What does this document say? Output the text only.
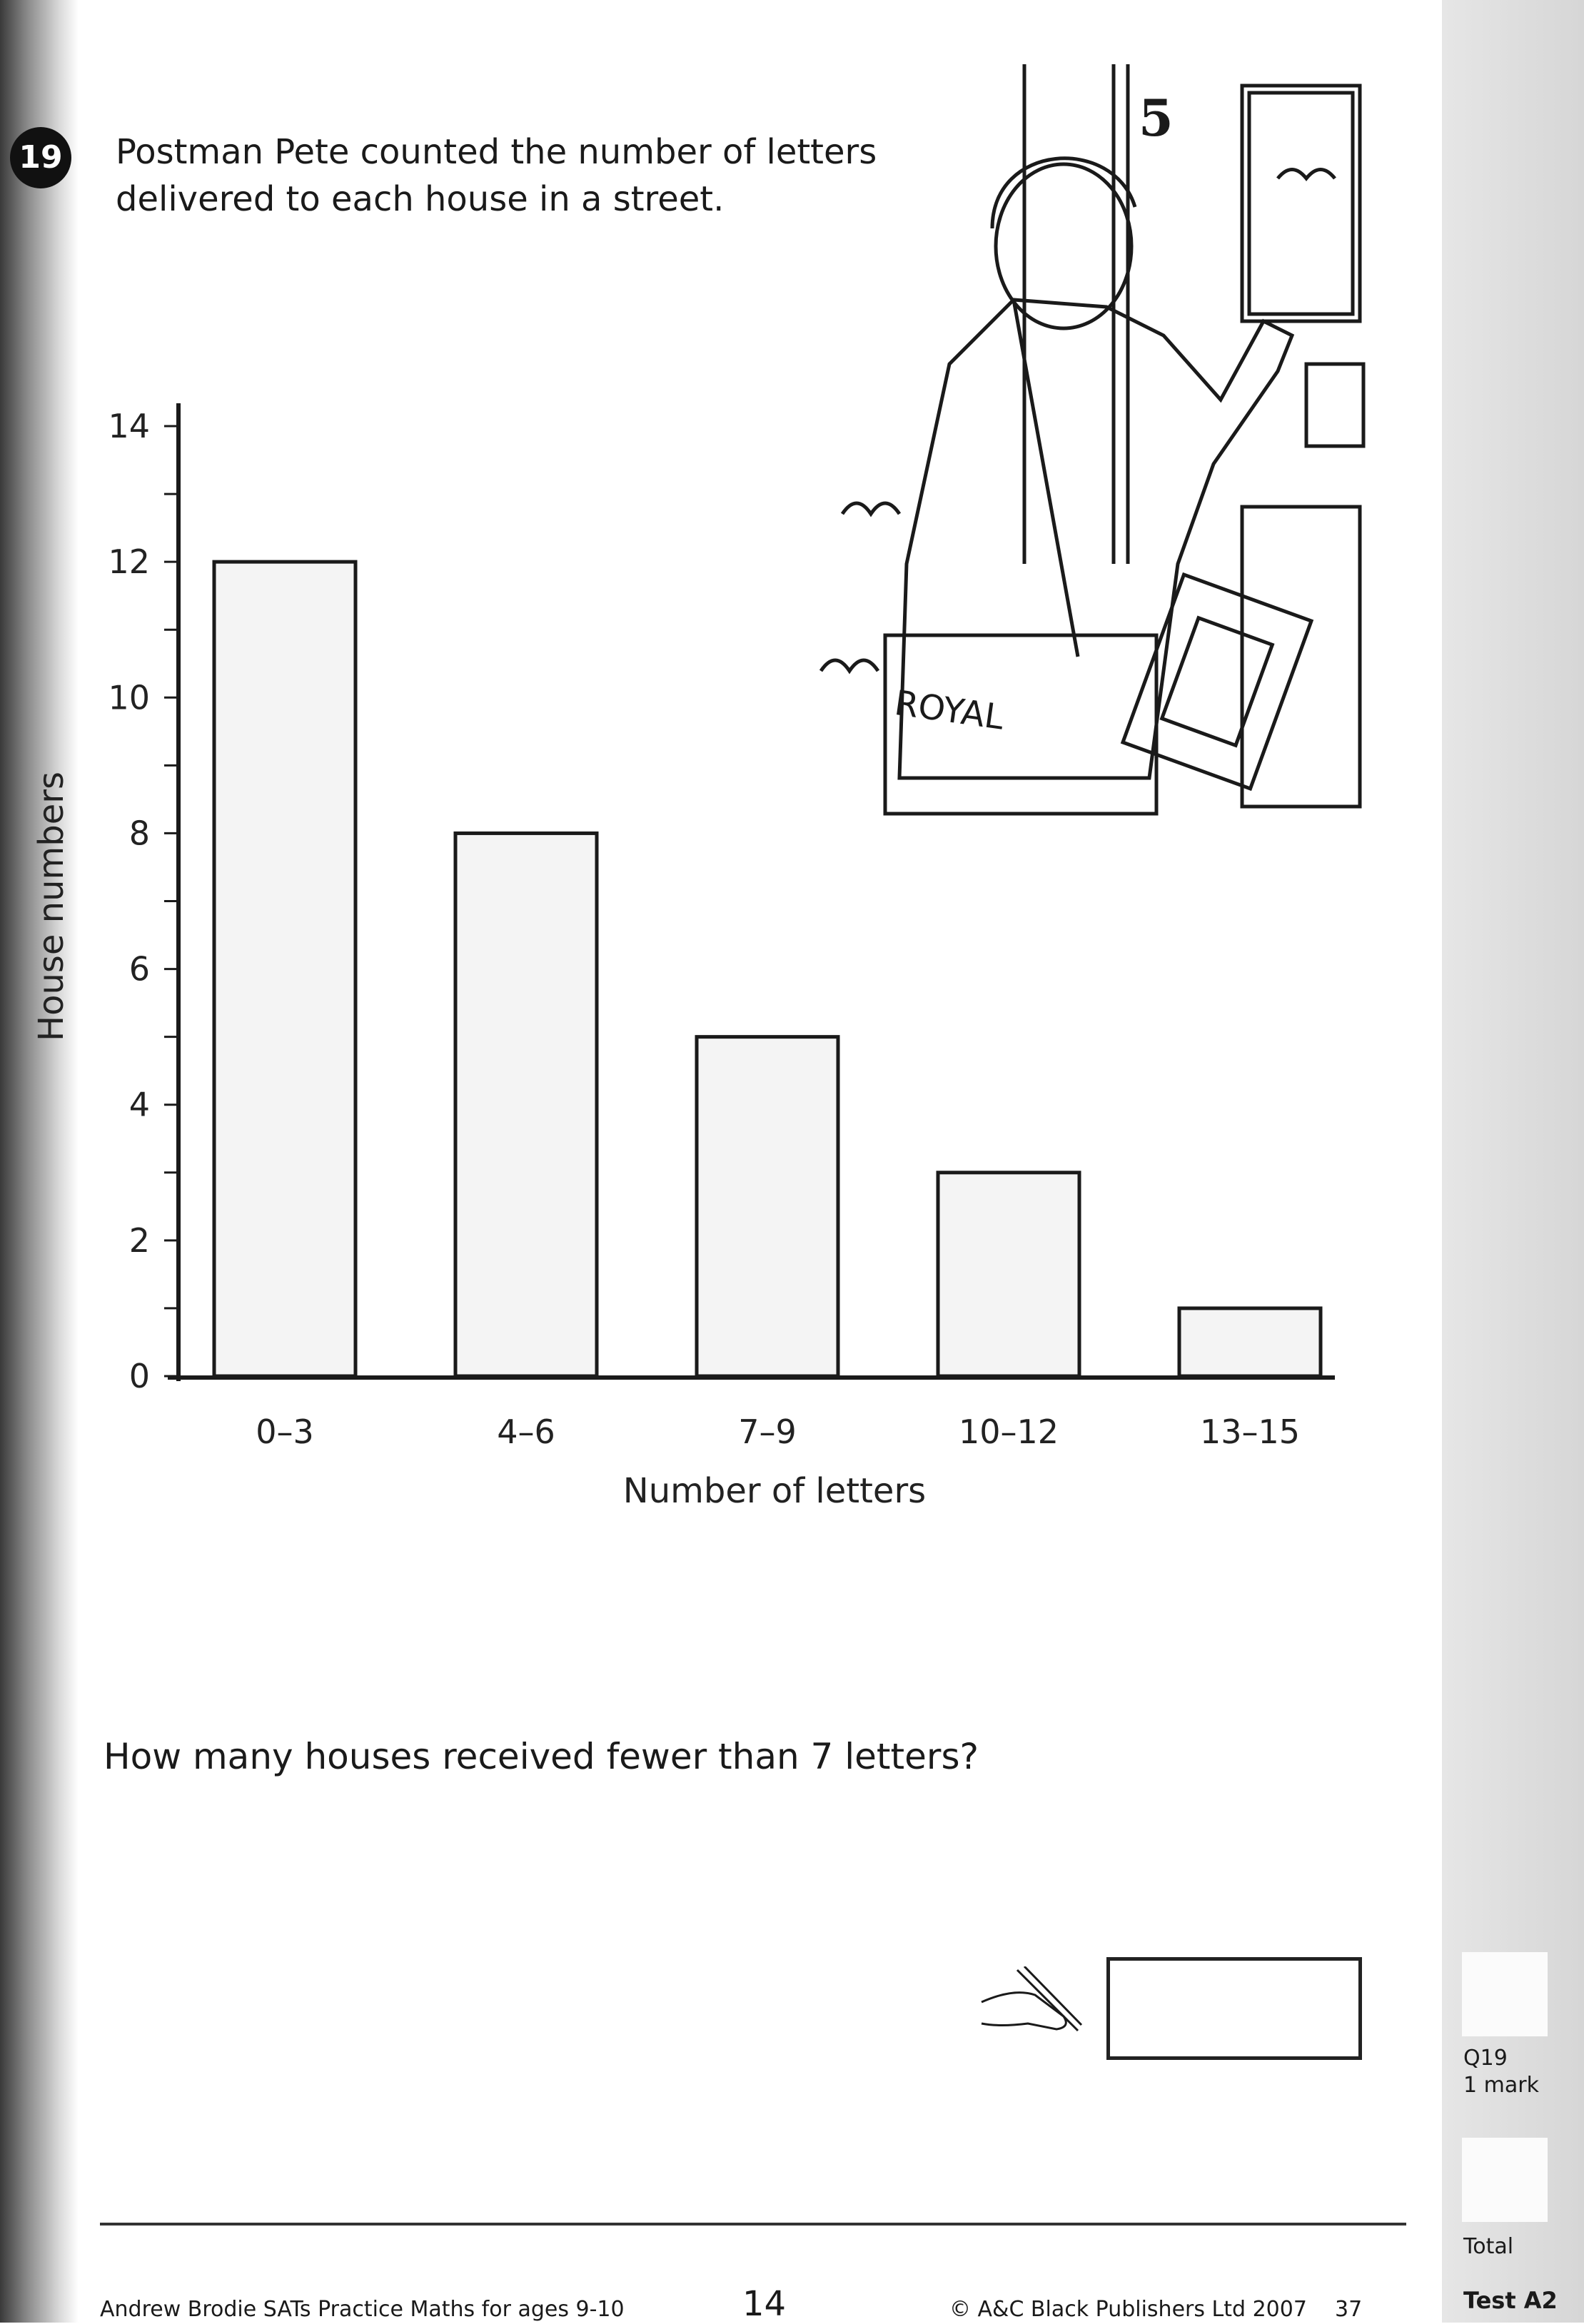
19 Postman Pete counted the number of letters delivered to each house in a street.
5
ROYAL
0
2
4
6
8
10
12
14
0–3	4–6	7–9	10–12	13–15
Number of letters
House numbers
How many houses received fewer than 7 letters?
Q19
1 mark
Total
Test A2
Andrew Brodie SATs Practice Maths for ages 9-10	14	© A&C Black Publishers Ltd 2007 37
